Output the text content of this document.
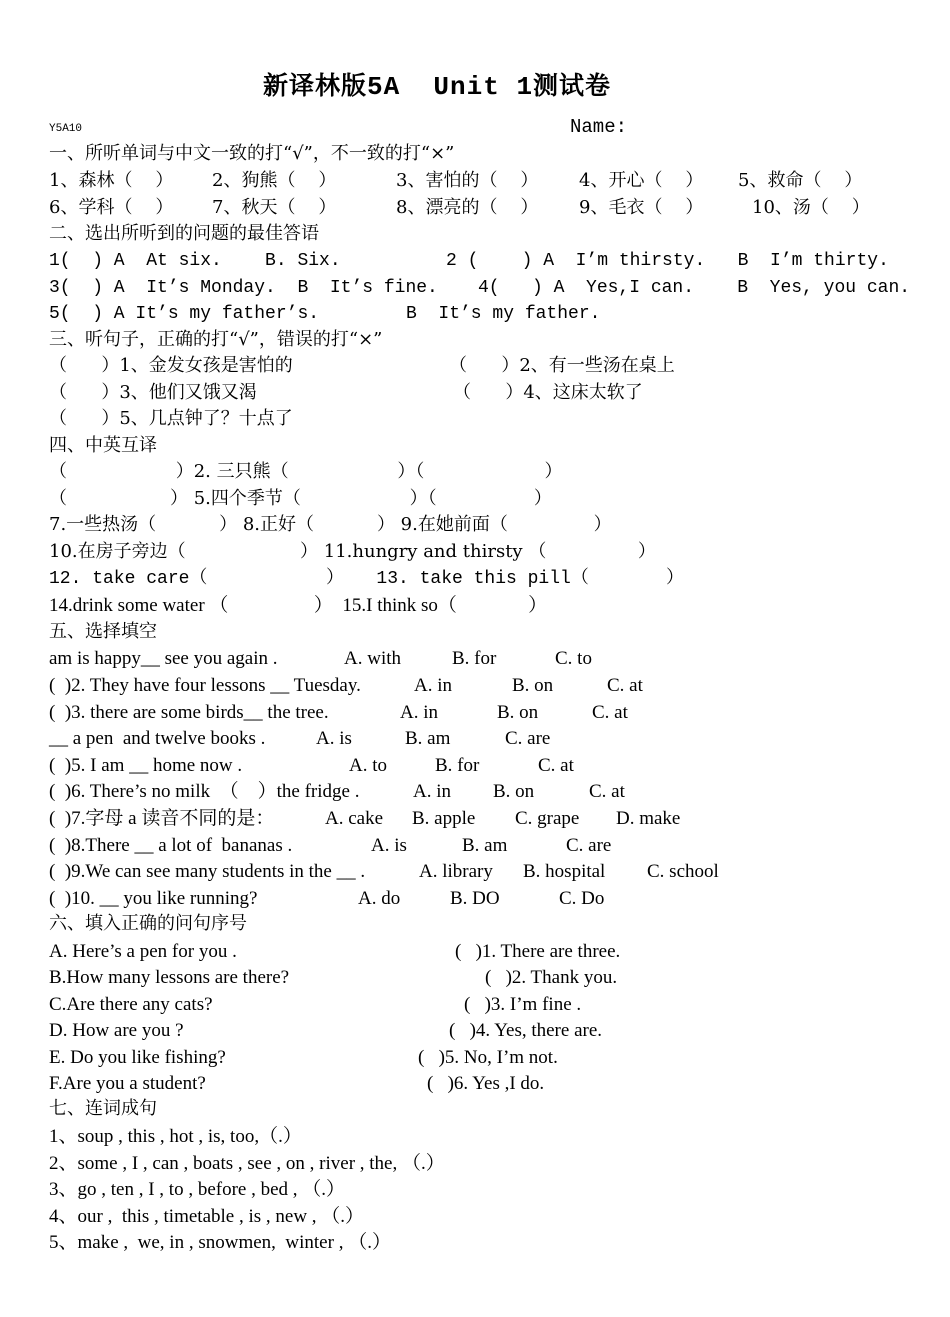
新译林版5A  Unit 1测试卷
Y5A10	Name:
一、所听单词与中文一致的打“√”，不一致的打“×”
1、森林（    ） 2、狗熊（    ）	3、害怕的（    ） 4、开心（    ） 5、救命（    ）
6、学科（    ） 7、秋天（    ）	8、漂亮的（    ） 9、毛衣（    ）	10、汤（    ）
二、选出所听到的问题的最佳答语
1(  ) A  At six.    B. Six.	2 (    ) A  I’m thirsty.   B  I’m thirty.
3(  ) A  It’s Monday.  B  It’s fine. 4(   ) A  Yes,I can.    B  Yes, you can.
5(  ) A It’s my father’s.	B  It’s my father.
三、听句子，正确的打“√”，错误的打“×”
（      ）1、金发女孩是害怕的	（      ）2、有一些汤在桌上
（      ）3、他们又饿又渴	（      ）4、这床太软了
（      ）5、几点钟了？十点了
四、中英互译
（                   ）2. 三只熊（                   ）（                     ）
（                  ） 5.四个季节（                   ）（                 ）
7.一些热汤（           ） 8.正好（           ） 9.在她前面（               ）
10.在房子旁边（                    ） 11.hungry and thirsty （                ）
12. take care（	）   13. take this pill（	）
14.drink some water （                  ）  15.I think so（               ）
五、选择填空
am is happy__ see you again .	A. with	B. for	C. to
(  )2. They have four lessons __ Tuesday.	A. in	B. on	C. at
(  )3. there are some birds__ the tree.	A. in	B. on	C. at
__ a pen  and twelve books .	A. is	B. am	C. are
(  )5. I am __ home now .	A. to	B. for	C. at
(  )6. There’s no milk  （    ）the fridge .	A. in B. on	C. at
(  )7.字母 a 读音不同的是：	A. cake B. apple C. grape D. make
(  )8.There __ a lot of  bananas .	A. is	B. am	C. are
(  )9.We can see many students in the __ .	A. library B. hospital C. school
(  )10. __ you like running?	A. do	B. DO	C. Do
六、填入正确的问句序号
A. Here’s a pen for you .	(   )1. There are three.
B.How many lessons are there?	(   )2. Thank you.
C.Are there any cats?	(   )3. I’m fine .
D. How are you ?	(   )4. Yes, there are.
E. Do you like fishing?	(   )5. No, I’m not.
F.Are you a student?	(   )6. Yes ,I do.
七、连词成句
1、soup , this , hot , is, too,（.）
2、some , I , can , boats , see , on , river , the, （.）
3、go , ten , I , to , before , bed , （.）
4、our ,  this , timetable , is , new , （.）
5、make ,  we, in , snowmen,  winter , （.）
